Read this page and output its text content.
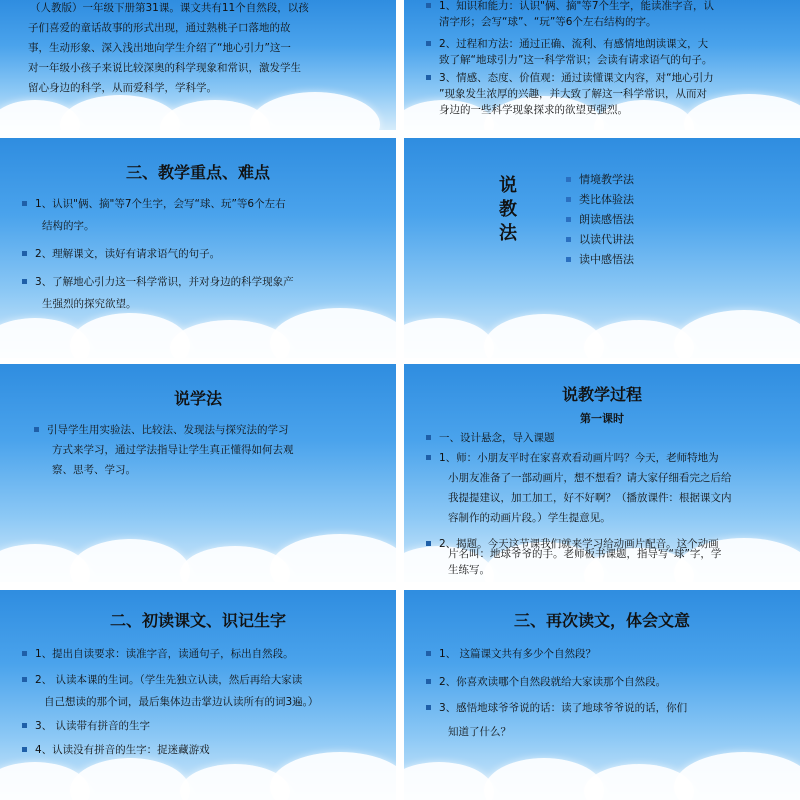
（人教版）一年级下册第31课。课文共有11个自然段，以孩
子们喜爱的童话故事的形式出现，通过熟桃子口落地的故
事，生动形象、深入浅出地向学生介绍了“地心引力”这一
对一年级小孩子来说比较深奥的科学现象和常识，激发学生
留心身边的科学，从而爱科学，学科学。
1、知识和能力：认识"俩、摘"等7个生字，能读准字音，认
清字形；会写“球”、“玩”等6个左右结构的字。
2、过程和方法：通过正确、流利、有感情地朗读课文，大
致了解“地球引力”这一科学常识；会读有请求语气的句子。
3、情感、态度、价值观：通过读懂课文内容，对“地心引力
”现象发生浓厚的兴趣，并大致了解这一科学常识，从而对
身边的一些科学现象探求的欲望更强烈。
三、教学重点、难点
1、认识"俩、摘"等7个生字，会写“球、玩”等6个左右
结构的字。
2、理解课文，读好有请求语气的句子。
3、了解地心引力这一科学常识，并对身边的科学现象产
生强烈的探究欲望。
说
教
法
情境教学法
类比体验法
朗读感悟法
以读代讲法
读中感悟法
说学法
引导学生用实验法、比较法、发现法与探究法的学习
方式来学习，通过学法指导让学生真正懂得如何去观
察、思考、学习。
说教学过程
第一课时
一、设计悬念，导入课题
1、师：小朋友平时在家喜欢看动画片吗？今天，老师特地为
小朋友准备了一部动画片，想不想看？请大家仔细看完之后给
我提提建议，加工加工，好不好啊？（播放课件：根据课文内
容制作的动画片段。）学生提意见。
2、揭题。今天这节课我们就来学习给动画片配音。这个动画
片名叫：地球爷爷的手。老师板书课题，指导写“球”字，学
生练写。
二、初读课文、识记生字
1、提出自读要求：读准字音，读通句子，标出自然段。
2、 认读本课的生词。（学生先独立认读，然后再给大家读
自己想读的那个词，最后集体边击掌边认读所有的词3遍。）
3、 认读带有拼音的生字
4、认读没有拼音的生字：捉迷藏游戏
三、再次读文，体会文意
1、 这篇课文共有多少个自然段？
2、你喜欢读哪个自然段就给大家读那个自然段。
3、感悟地球爷爷说的话：读了地球爷爷说的话，你们
知道了什么？
